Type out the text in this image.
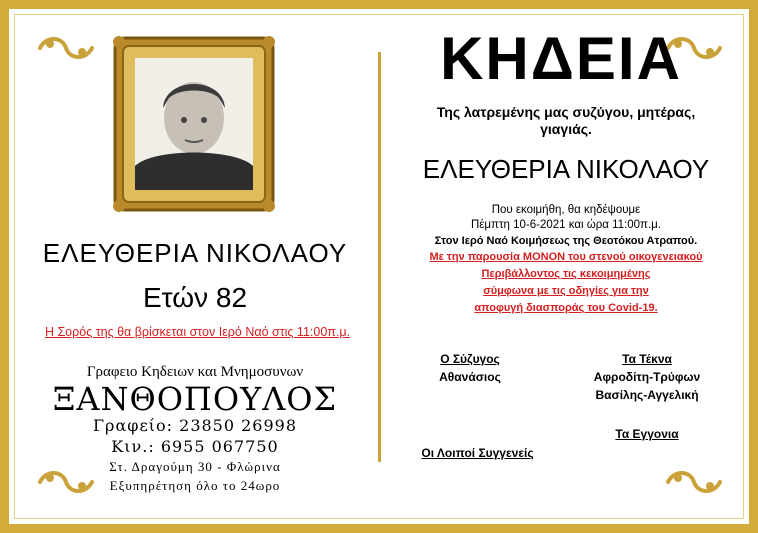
ΕΛΕΥΘΕΡΙΑ ΝΙΚΟΛΑΟΥ
Ετών 82
Η Σορός της θα βρίσκεται στον Ιερό Ναό στις 11:00π.μ.
Γραφειο Κηδειων και Μνημοσυνων
ΞΑΝΘΟΠΟΥΛΟΣ
Γραφείο: 23850 26998
Κιν.: 6955 067750
Στ. Δραγούμη 30 - Φλώρινα
Εξυπηρέτηση όλο το 24ωρο
ΚΗΔΕΙΑ
Της λατρεμένης μας συζύγου, μητέρας,
γιαγιάς.
ΕΛΕΥΘΕΡΙΑ ΝΙΚΟΛΑΟΥ
Που εκοιμήθη, θα κηδέψουμε
Πέμπτη 10-6-2021 και ώρα 11:00π.μ.
Στον Ιερό Ναό Κοιμήσεως της Θεοτόκου Ατραπού.
Με την παρουσία ΜΟΝΟΝ του στενού οικογενειακού
Περιβάλλοντος τις κεκοιμημένης
σύμφωνα με τις οδηγίες για την
αποφυγή διασποράς του Covid-19.
Ο Σύζυγος
Αθανάσιος
Τα Τέκνα
Αφροδίτη-Τρύφων
Βασίλης-Αγγελική
Τα Εγγονια
Οι Λοιποί Συγγενείς
